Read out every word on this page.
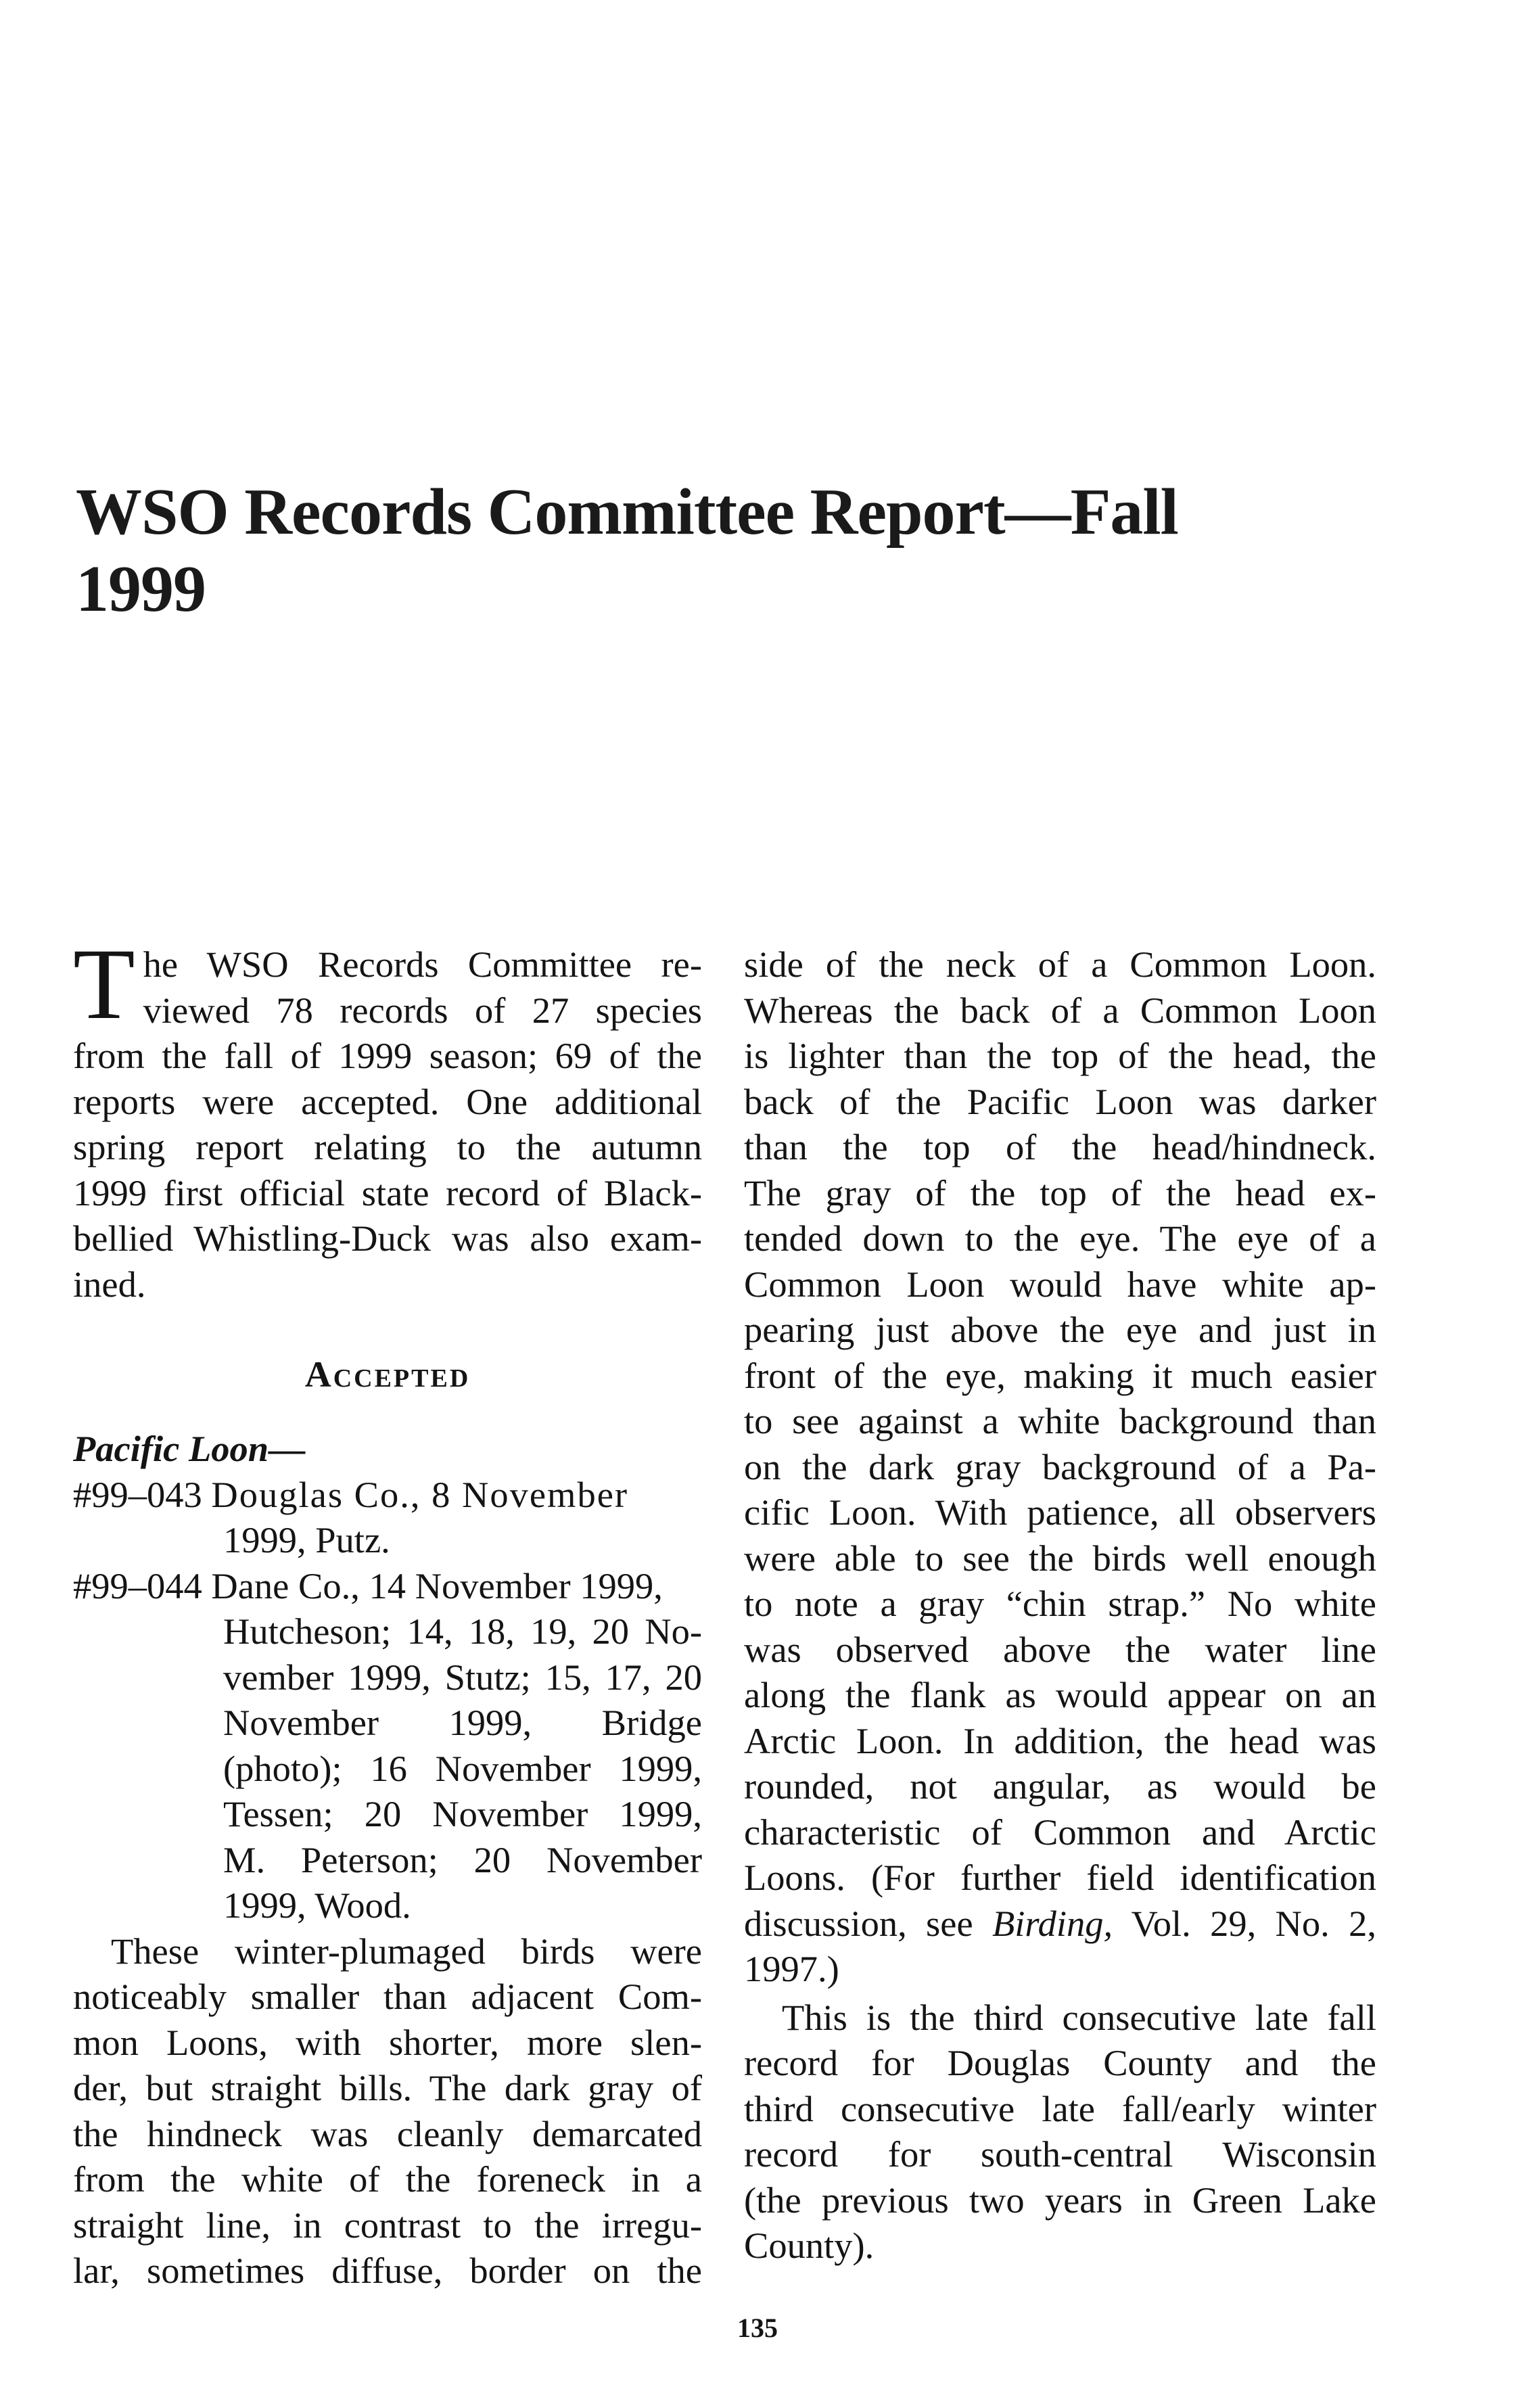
WSO Records Committee Report—Fall
1999

T he WSO Records Committee re-
viewed 78 records of 27 species
from the fall of 1999 season; 69 of the
reports were accepted. One additional
spring report relating to the autumn
1999 first official state record of Black-
bellied Whistling-Duck was also exam-
ined.

Accepted

Pacific Loon—

#99–043 Douglas Co., 8 November
1999, Putz.
#99–044 Dane Co., 14 November 1999,
Hutcheson; 14, 18, 19, 20 No-
vember 1999, Stutz; 15, 17, 20
November 1999, Bridge
(photo); 16 November 1999,
Tessen; 20 November 1999,
M. Peterson; 20 November
1999, Wood.

These winter-plumaged birds were
noticeably smaller than adjacent Com-
mon Loons, with shorter, more slen-
der, but straight bills. The dark gray of
the hindneck was cleanly demarcated
from the white of the foreneck in a
straight line, in contrast to the irregu-
lar, sometimes diffuse, border on the

side of the neck of a Common Loon.
Whereas the back of a Common Loon
is lighter than the top of the head, the
back of the Pacific Loon was darker
than the top of the head/hindneck.
The gray of the top of the head ex-
tended down to the eye. The eye of a
Common Loon would have white ap-
pearing just above the eye and just in
front of the eye, making it much easier
to see against a white background than
on the dark gray background of a Pa-
cific Loon. With patience, all observers
were able to see the birds well enough
to note a gray “chin strap.” No white
was observed above the water line
along the flank as would appear on an
Arctic Loon. In addition, the head was
rounded, not angular, as would be
characteristic of Common and Arctic
Loons. (For further field identification
discussion, see Birding, Vol. 29, No. 2,
1997.)

This is the third consecutive late fall
record for Douglas County and the
third consecutive late fall/early winter
record for south-central Wisconsin
(the previous two years in Green Lake
County).

135
